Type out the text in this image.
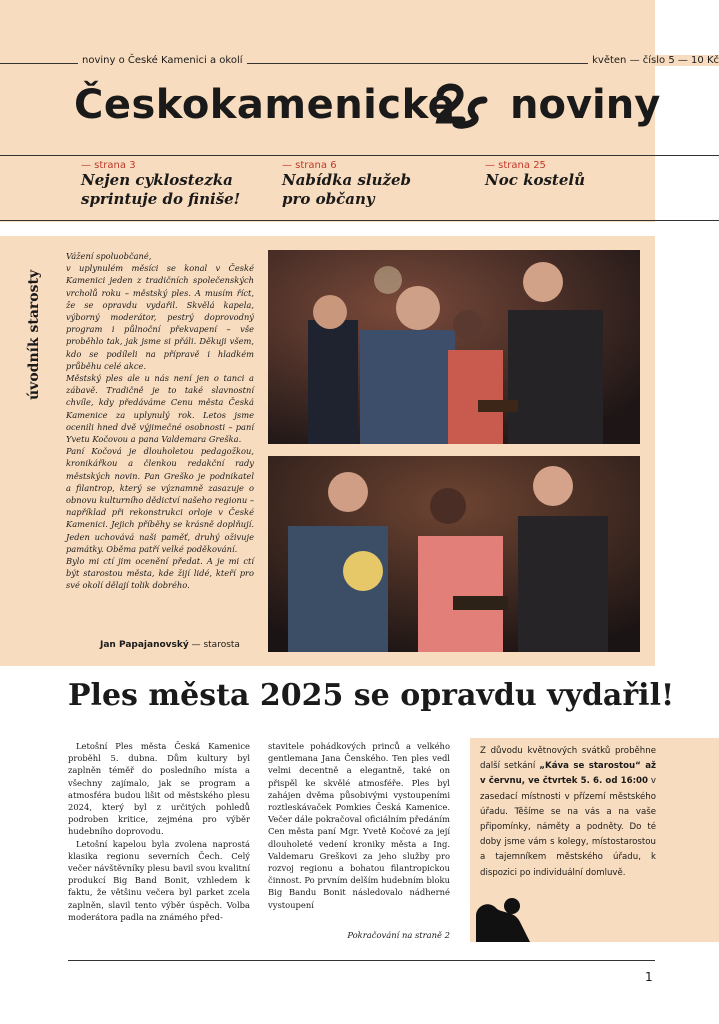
noviny o České Kamenici a okolí	květen — číslo 5 — 10 Kč
Českokamenické noviny
— strana 3
Nejen cyklostezka
sprintuje do finiše!
— strana 6
Nabídka služeb
pro občany
— strana 25
Noc kostelů
úvodník starosty

Vážení spoluobčané,

v uplynulém měsíci se konal v České Kamenici jeden z tradičních společenských vrcholů roku – městský ples. A musím říct, že se opravdu vydařil. Skvělá kapela, výborný moderátor, pestrý doprovodný program i půlnoční překvapení – vše proběhlo tak, jak jsme si přáli. Děkuji všem, kdo se podíleli na přípravě i hladkém průběhu celé akce.

Městský ples ale u nás není jen o tanci a zábavě. Tradičně je to také slavnostní chvíle, kdy předáváme Cenu města Česká Kamenice za uplynulý rok. Letos jsme ocenili hned dvě výjimečné osobnosti – paní Yvetu Kočovou a pana Valdemara Greška.

Paní Kočová je dlouholetou pedagožkou, kronikářkou a členkou redakční rady městských novin. Pan Greško je podnikatel a filantrop, který se významně zasazuje o obnovu kulturního dědictví našeho regionu – například při rekonstrukci orloje v České Kamenici. Jejich příběhy se krásně doplňují. Jeden uchovává naši paměť, druhý oživuje památky. Oběma patří velké poděkování.

Bylo mi ctí jim ocenění předat. A je mi ctí být starostou města, kde žijí lidé, kteří pro své okolí dělají tolik dobrého.

Jan Papajanovský — starosta
Ples města 2025 se opravdu vydařil!

Letošní Ples města Česká Kamenice proběhl 5. dubna. Dům kultury byl zaplněn téměř do posledního místa a všechny zajímalo, jak se program a atmosféra budou lišit od městského plesu 2024, který byl z určitých pohledů podroben kritice, zejména pro výběr hudebního doprovodu.

Letošní kapelou byla zvolena naprostá klasika regionu severních Čech. Celý večer návštěvníky plesu bavil svou kvalitní produkcí Big Band Bonit, vzhledem k faktu, že většinu večera byl parket zcela zaplněn, slavil tento výběr úspěch. Volba moderátora padla na známého před-

stavitele pohádkových princů a velkého gentlemana Jana Čenského. Ten ples vedl velmi decentně a elegantně, také on přispěl ke skvělé atmosféře. Ples byl zahájen dvěma působivými vystoupeními roztleskávaček Pomkies Česká Kamenice. Večer dále pokračoval oficiálním předáním Cen města paní Mgr. Yvetě Kočové za její dlouholeté vedení kroniky města a Ing. Valdemaru Greškovi za jeho služby pro rozvoj regionu a bohatou filantropickou činnost. Po prvním delším hudebním bloku Big Bandu Bonit následovalo nádherné vystoupení

Pokračování na straně 2
Z důvodu květnových svátků proběhne další setkání „Káva se starostou“ až v červnu, ve čtvrtek 5. 6. od 16:00 v zasedací místnosti v přízemí městského úřadu. Těšíme se na vás a na vaše připomínky, náměty a podněty. Do té doby jsme vám s kolegy, místostarostou a tajemníkem městského úřadu, k dispozici po individuální domluvě.
1
